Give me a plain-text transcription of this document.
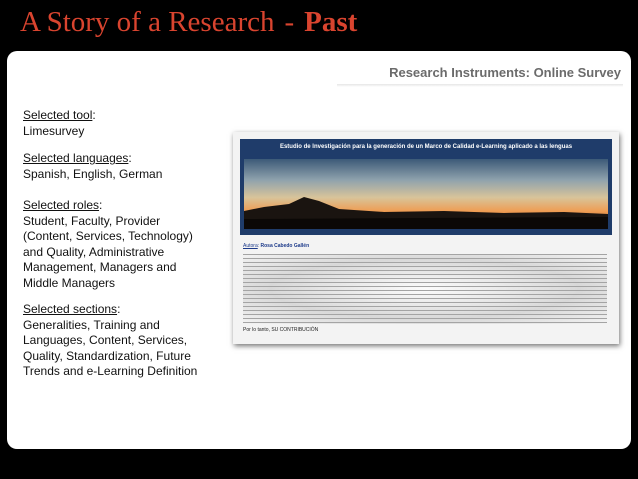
A Story of a Research - Past
Research Instruments: Online Survey
Selected tool:
Limesurvey
Selected languages:
Spanish, English, German
Selected roles:
Student, Faculty, Provider (Content, Services, Technology) and Quality, Administrative Management, Managers and Middle Managers
Selected sections:
Generalities, Training and Languages, Content, Services, Quality, Standardization, Future Trends and e-Learning Definition
Estudio de Investigación para la generación de un Marco de Calidad e-Learning aplicado a las lenguas
Autora: Rosa Cabedo Gallén
Por lo tanto, SU CONTRIBUCIÓN
